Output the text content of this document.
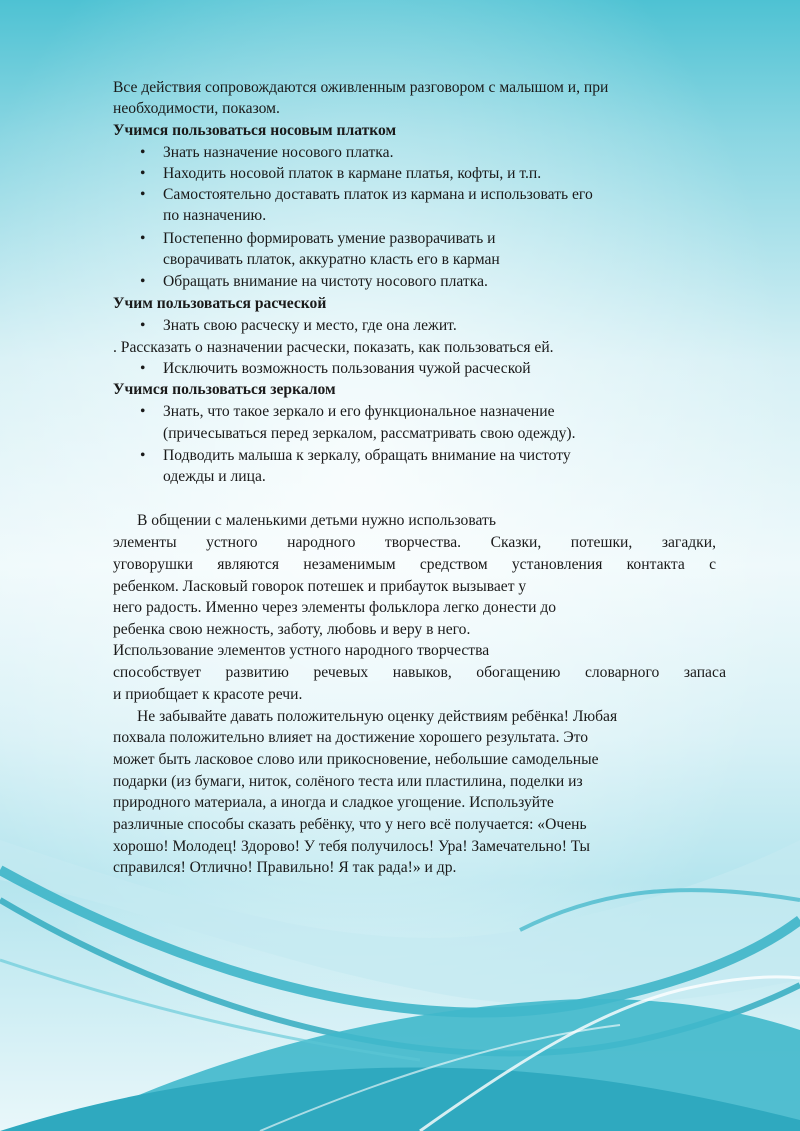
Все действия сопровождаются оживленным разговором с малышом и, при
необходимости, показом.
Учимся пользоваться носовым платком
• Знать назначение носового платка.
• Находить носовой платок в кармане платья, кофты, и т.п.
• Самостоятельно доставать платок из кармана и использовать его
по назначению.
• Постепенно формировать умение разворачивать и
сворачивать платок, аккуратно класть его в карман
• Обращать внимание на чистоту носового платка.
Учим пользоваться расческой
• Знать свою расческу и место, где она лежит.
. Рассказать о назначении расчески, показать, как пользоваться ей.
• Исключить возможность пользования чужой расческой
Учимся пользоваться зеркалом
• Знать, что такое зеркало и его функциональное назначение
(причесываться перед зеркалом, рассматривать свою одежду).
• Подводить малыша к зеркалу, обращать внимание на чистоту
одежды и лица.
В общении с маленькими детьми нужно использовать
элементы устного народного творчества. Сказки, потешки, загадки,
уговорушки являются незаменимым средством установления контакта с
ребенком. Ласковый говорок потешек и прибауток вызывает у
него радость. Именно через элементы фольклора легко донести до
ребенка свою нежность, заботу, любовь и веру в него.
Использование элементов устного народного творчества
способствует развитию речевых навыков, обогащению словарного запаса
и приобщает к красоте речи.
Не забывайте давать положительную оценку действиям ребёнка! Любая
похвала положительно влияет на достижение хорошего результата. Это
может быть ласковое слово или прикосновение, небольшие самодельные
подарки (из бумаги, ниток, солёного теста или пластилина, поделки из
природного материала, а иногда и сладкое угощение. Используйте
различные способы сказать ребёнку, что у него всё получается: «Очень
хорошо! Молодец! Здорово! У тебя получилось! Ура! Замечательно! Ты
справился! Отлично! Правильно! Я так рада!» и др.
